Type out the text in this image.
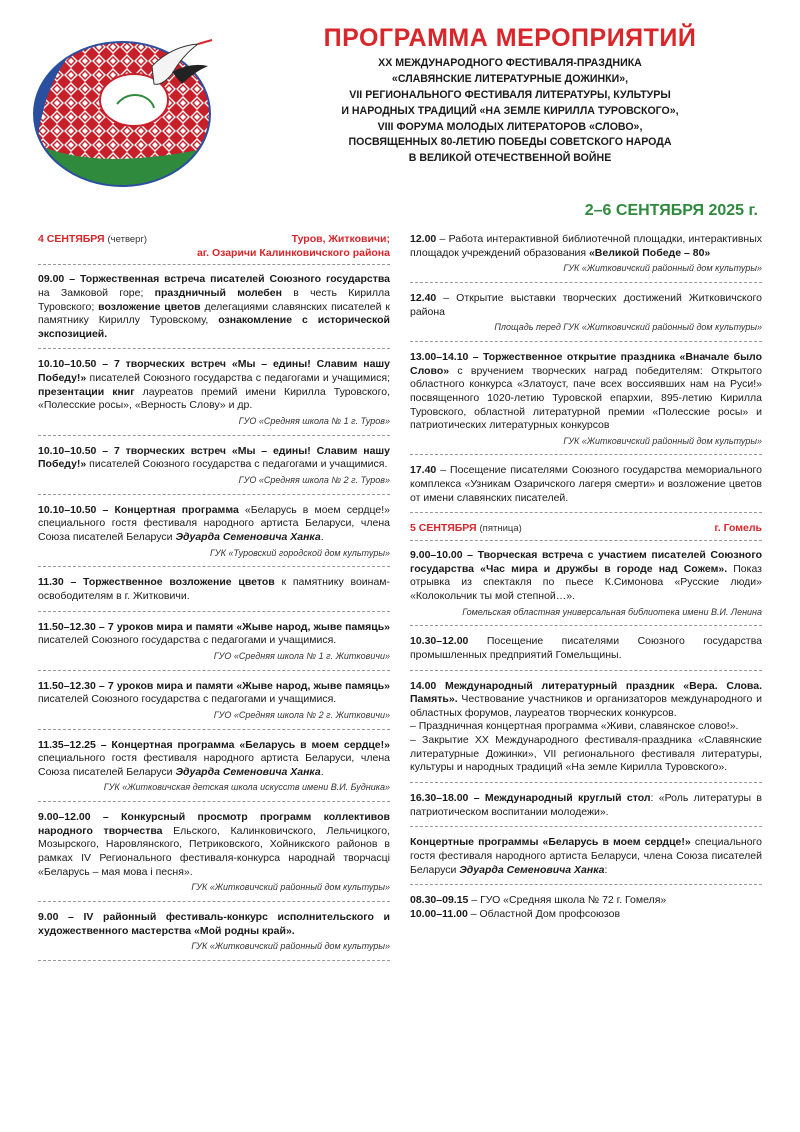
ПРОГРАММА МЕРОПРИЯТИЙ
XX МЕЖДУНАРОДНОГО ФЕСТИВАЛЯ-ПРАЗДНИКА
«СЛАВЯНСКИЕ ЛИТЕРАТУРНЫЕ ДОЖИНКИ»,
VII РЕГИОНАЛЬНОГО ФЕСТИВАЛЯ ЛИТЕРАТУРЫ, КУЛЬТУРЫ
И НАРОДНЫХ ТРАДИЦИЙ «НА ЗЕМЛЕ КИРИЛЛА ТУРОВСКОГО»,
VIII ФОРУМА МОЛОДЫХ ЛИТЕРАТОРОВ «СЛОВО»,
ПОСВЯЩЕННЫХ 80-ЛЕТИЮ ПОБЕДЫ СОВЕТСКОГО НАРОДА
В ВЕЛИКОЙ ОТЕЧЕСТВЕННОЙ ВОЙНЕ
2–6 СЕНТЯБРЯ 2025 г.
4 СЕНТЯБРЯ (четверг)	Туров, Житковичи;
аг. Озаричи Калинковичского района
09.00 – Торжественная встреча писателей Союзного государства на Замковой горе; праздничный молебен в честь Кирилла Туровского; возложение цветов делегациями славянских писателей к памятнику Кириллу Туровскому, ознакомление с исторической экспозицией.
10.10–10.50 – 7 творческих встреч «Мы – едины! Славим нашу Победу!» писателей Союзного государства с педагогами и учащимися; презентации книг лауреатов премий имени Кирилла Туровского, «Полесские росы», «Верность Слову» и др.
ГУО «Средняя школа № 1 г. Туров»
10.10–10.50 – 7 творческих встреч «Мы – едины! Славим нашу Победу!» писателей Союзного государства с педагогами и учащимися.
ГУО «Средняя школа № 2 г. Туров»
10.10–10.50 – Концертная программа «Беларусь в моем сердце!» специального гостя фестиваля народного артиста Беларуси, члена Союза писателей Беларуси Эдуарда Семеновича Ханка.
ГУК «Туровский городской дом культуры»
11.30 – Торжественное возложение цветов к памятнику воинам-освободителям в г. Житковичи.
11.50–12.30 – 7 уроков мира и памяти «Жыве народ, жыве памяць» писателей Союзного государства с педагогами и учащимися.
ГУО «Средняя школа № 1 г. Житковичи»
11.50–12.30 – 7 уроков мира и памяти «Жыве народ, жыве памяць» писателей Союзного государства с педагогами и учащимися.
ГУО «Средняя школа № 2 г. Житковичи»
11.35–12.25 – Концертная программа «Беларусь в моем сердце!» специального гостя фестиваля народного артиста Беларуси, члена Союза писателей Беларуси Эдуарда Семеновича Ханка.
ГУК «Житковичская детская школа искусств имени В.И. Будника»
9.00–12.00 – Конкурсный просмотр программ коллективов народного творчества Ельского, Калинковичского, Лельчицкого, Мозырского, Наровлянского, Петриковского, Хойникского районов в рамках IV Регионального фестиваля-конкурса народнай творчасці «Беларусь – мая мова і песня».
ГУК «Житковичский районный дом культуры»
9.00 – IV районный фестиваль-конкурс исполнительского и художественного мастерства «Мой родны край».
ГУК «Житковичский районный дом культуры»
12.00 – Работа интерактивной библиотечной площадки, интерактивных площадок учреждений образования «Великой Победе – 80»
ГУК «Житковичский районный дом культуры»
12.40 – Открытие выставки творческих достижений Житковичского района
Площадь перед ГУК «Житковичский районный дом культуры»
13.00–14.10 – Торжественное открытие праздника «Вначале было Слово» с вручением творческих наград победителям: Открытого областного конкурса «Златоуст, паче всех воссиявших нам на Руси!» посвященного 1020-летию Туровской епархии, 895-летию Кирилла Туровского, областной литературной премии «Полесские росы» и патриотических литературных конкурсов
ГУК «Житковичский районный дом культуры»
17.40 – Посещение писателями Союзного государства мемориального комплекса «Узникам Озаричского лагеря смерти» и возложение цветов от имени славянских писателей.
5 СЕНТЯБРЯ (пятница)	г. Гомель
9.00–10.00 – Творческая встреча с участием писателей Союзного государства «Час мира и дружбы в городе над Сожем». Показ отрывка из спектакля по пьесе К.Симонова «Русские люди» «Колокольчик ты мой степной…».
Гомельская областная универсальная библиотека имени В.И. Ленина
10.30–12.00 Посещение писателями Союзного государства промышленных предприятий Гомельщины.
14.00 Международный литературный праздник «Вера. Слова. Память». Чествование участников и организаторов международного и областных форумов, лауреатов творческих конкурсов.
– Праздничная концертная программа «Живи, славянское слово!».
– Закрытие XX Международного фестиваля-праздника «Славянские литературные Дожинки», VII регионального фестиваля литературы, культуры и народных традиций «На земле Кирилла Туровского».
16.30–18.00 – Международный круглый стол: «Роль литературы в патриотическом воспитании молодежи».
Концертные программы «Беларусь в моем сердце!» специального гостя фестиваля народного артиста Беларуси, члена Союза писателей Беларуси Эдуарда Семеновича Ханка:
08.30–09.15 – ГУО «Средняя школа № 72 г. Гомеля»
10.00–11.00 – Областной Дом профсоюзов
